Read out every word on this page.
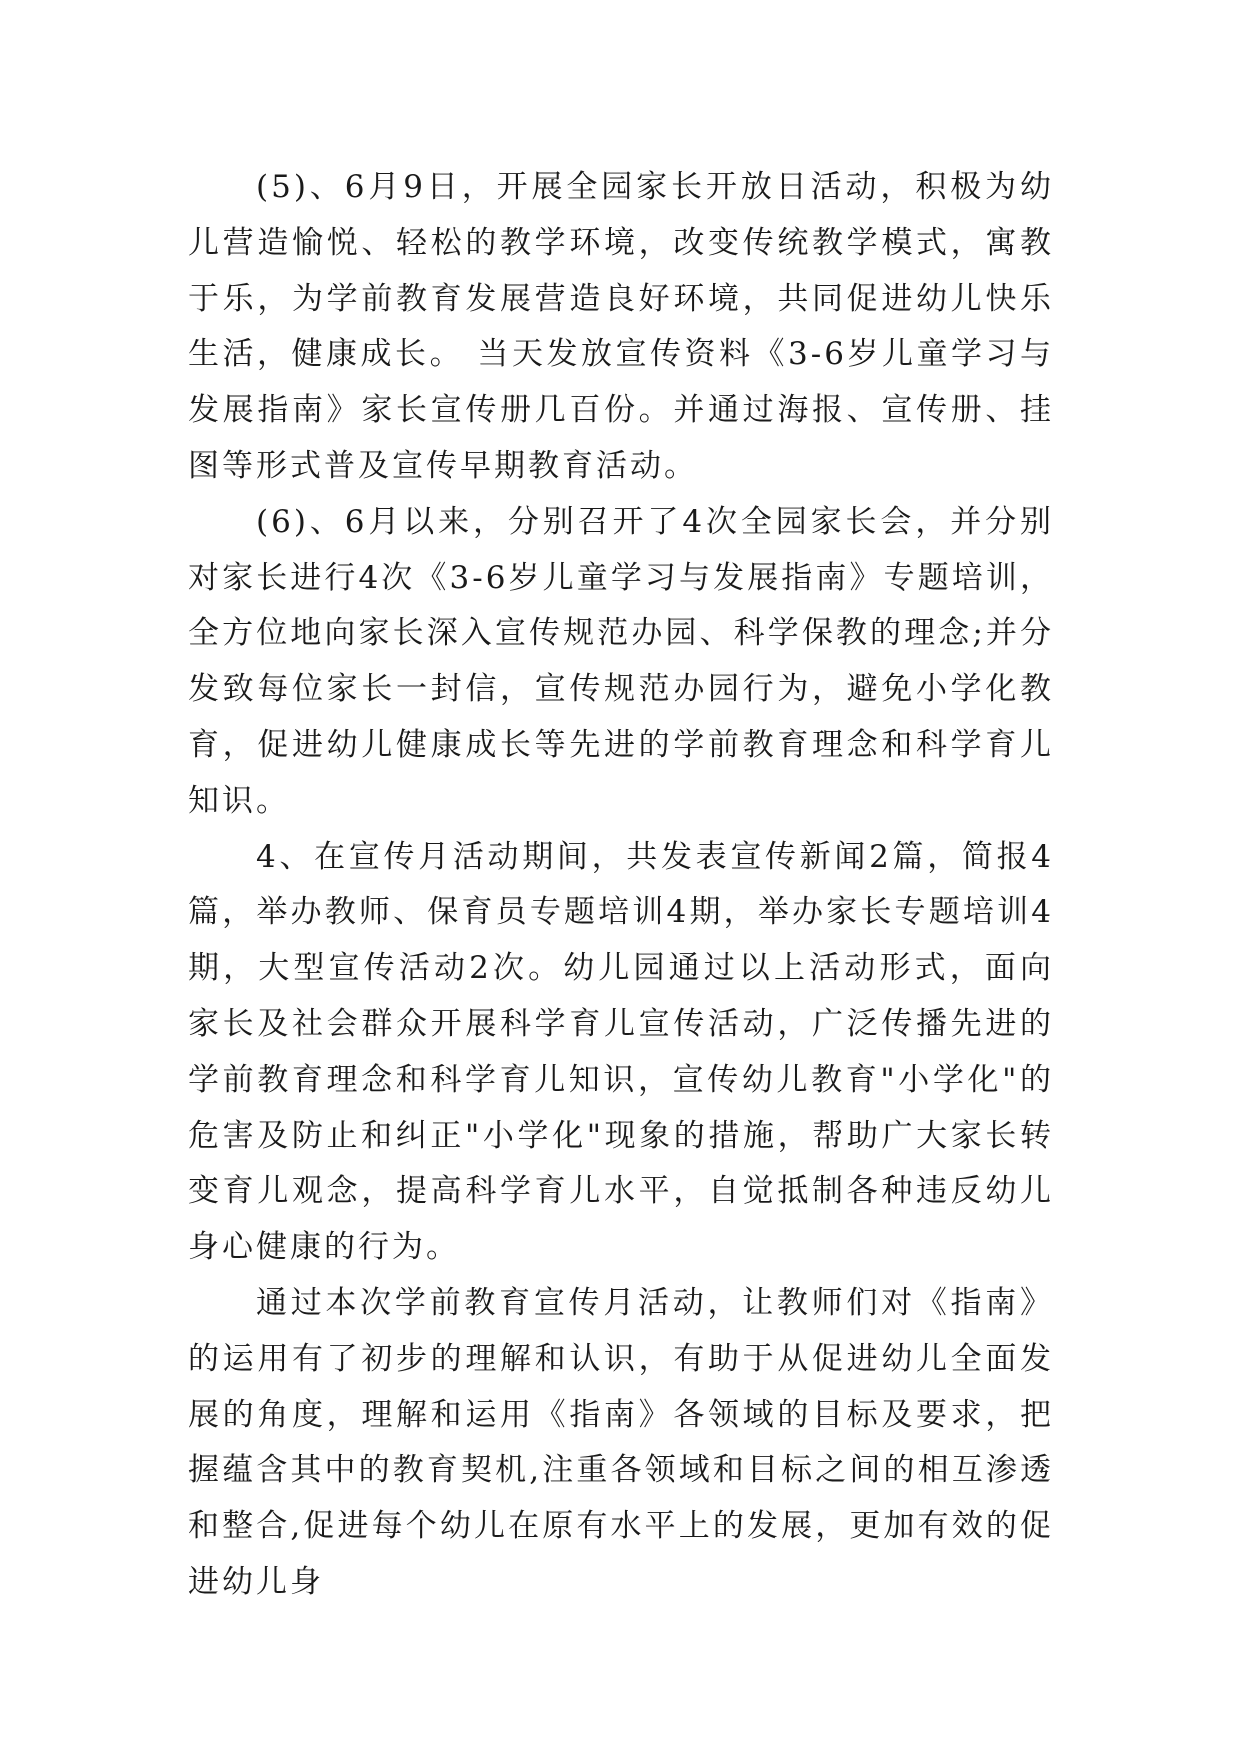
(5)、6月9日，开展全园家长开放日活动，积极为幼儿营造愉悦、轻松的教学环境，改变传统教学模式，寓教于乐，为学前教育发展营造良好环境，共同促进幼儿快乐生活，健康成长。 当天发放宣传资料《3-6岁儿童学习与发展指南》家长宣传册几百份。并通过海报、宣传册、挂图等形式普及宣传早期教育活动。

(6)、6月以来，分别召开了4次全园家长会，并分别对家长进行4次《3-6岁儿童学习与发展指南》专题培训，全方位地向家长深入宣传规范办园、科学保教的理念;并分发致每位家长一封信，宣传规范办园行为，避免小学化教育，促进幼儿健康成长等先进的学前教育理念和科学育儿知识。

4、在宣传月活动期间，共发表宣传新闻2篇，简报4篇，举办教师、保育员专题培训4期，举办家长专题培训4期，大型宣传活动2次。幼儿园通过以上活动形式，面向家长及社会群众开展科学育儿宣传活动，广泛传播先进的学前教育理念和科学育儿知识，宣传幼儿教育"小学化"的危害及防止和纠正"小学化"现象的措施，帮助广大家长转变育儿观念，提高科学育儿水平，自觉抵制各种违反幼儿身心健康的行为。

通过本次学前教育宣传月活动，让教师们对《指南》的运用有了初步的理解和认识，有助于从促进幼儿全面发展的角度，理解和运用《指南》各领域的目标及要求，把握蕴含其中的教育契机,注重各领域和目标之间的相互渗透和整合,促进每个幼儿在原有水平上的发展，更加有效的促进幼儿身
